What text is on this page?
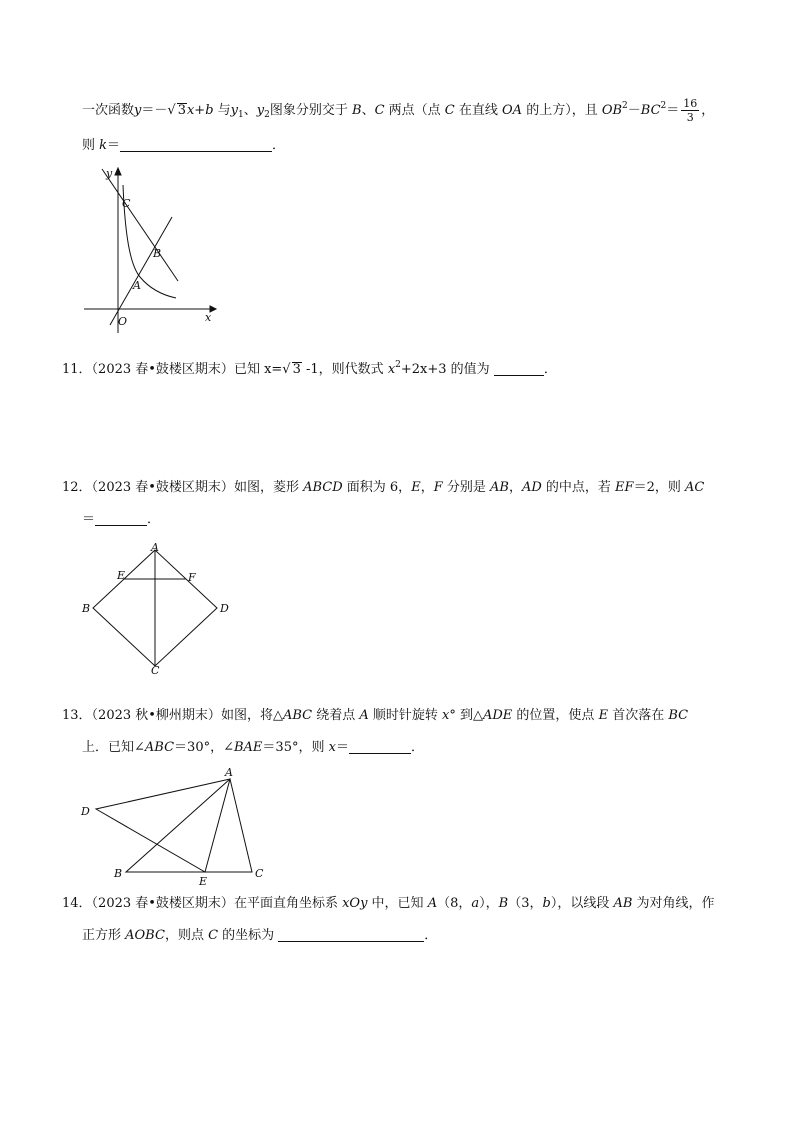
一次函数y＝－√ 3x+b 与$y_1$、$y_2$图象分别交于 B、C 两点（点 C 在直线 OA 的上方），且 $OB^2-BC^2= \frac{16}{3}$ ，
则 k＝	．
y
x
O
A
B
C
11．（2023 春•鼓楼区期末）已知 x=√ 3 -1，则代数式 $x^2+2x+3$ 的值为	．
12．（2023 春•鼓楼区期末）如图，菱形 ABCD 面积为 6，E，F 分别是 AB，AD 的中点，若 EF＝2，则 AC
＝	．
A
B
C
D
E	F
13．（2023 秋•柳州期末）如图，将△ABC 绕着点 A 顺时针旋转 x° 到△ADE 的位置，使点 E 首次落在 BC
上．已知∠ABC＝30°，∠BAE＝35°，则 x＝	．
A
B	C
D
E
14．（2023 春•鼓楼区期末）在平面直角坐标系 xOy 中，已知 A（8，a），B（3，b），以线段 AB 为对角线，作
正方形 AOBC，则点 C 的坐标为	．
